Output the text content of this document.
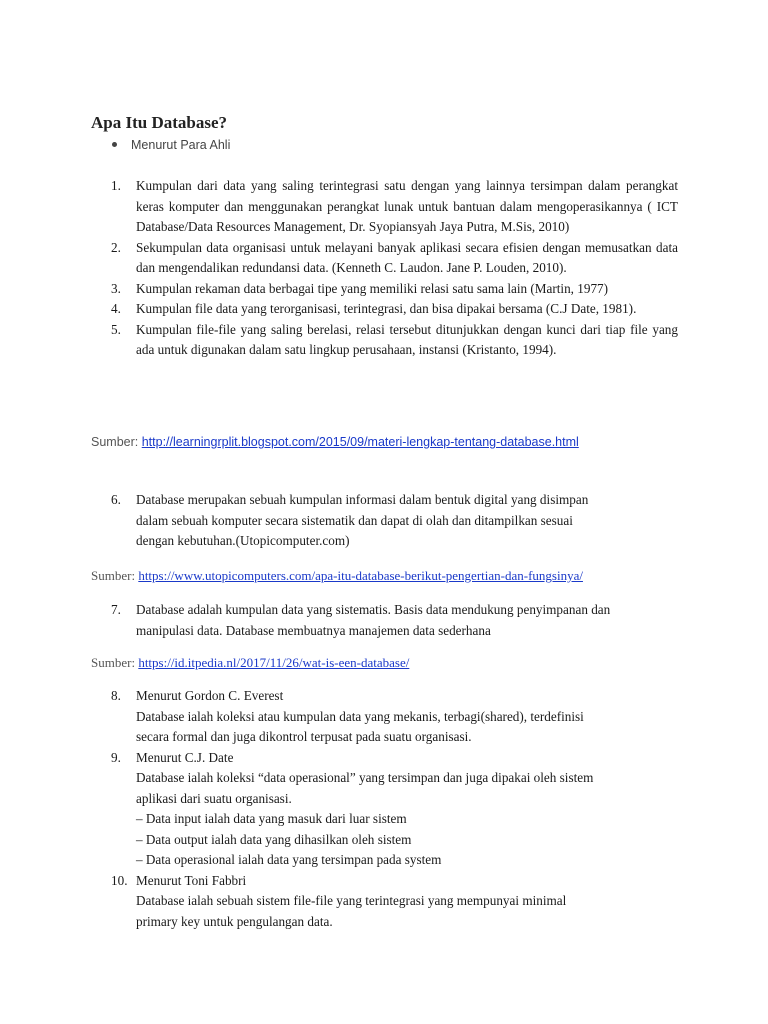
Apa Itu Database?

Menurut Para Ahli

1. Kumpulan dari data yang saling terintegrasi satu dengan yang lainnya tersimpan dalam perangkat keras komputer dan menggunakan perangkat lunak untuk bantuan dalam mengoperasikannya ( ICT Database/Data Resources Management, Dr. Syopiansyah Jaya Putra, M.Sis, 2010)
2. Sekumpulan data organisasi untuk melayani banyak aplikasi secara efisien dengan memusatkan data dan mengendalikan redundansi data. (Kenneth C. Laudon. Jane P. Louden, 2010).
3. Kumpulan rekaman data berbagai tipe yang memiliki relasi satu sama lain (Martin, 1977)
4. Kumpulan file data yang terorganisasi, terintegrasi, dan bisa dipakai bersama (C.J Date, 1981).
5. Kumpulan file-file yang saling berelasi, relasi tersebut ditunjukkan dengan kunci dari tiap file yang ada untuk digunakan dalam satu lingkup perusahaan, instansi (Kristanto, 1994).

Sumber: http://learningrplit.blogspot.com/2015/09/materi-lengkap-tentang-database.html

6. Database merupakan sebuah kumpulan informasi dalam bentuk digital yang disimpan
dalam sebuah komputer secara sistematik dan dapat di olah dan ditampilkan sesuai
dengan kebutuhan.(Utopicomputer.com)

Sumber: https://www.utopicomputers.com/apa-itu-database-berikut-pengertian-dan-fungsinya/

7. Database adalah kumpulan data yang sistematis. Basis data mendukung penyimpanan dan
manipulasi data. Database membuatnya manajemen data sederhana

Sumber: https://id.itpedia.nl/2017/11/26/wat-is-een-database/

8. Menurut Gordon C. Everest
Database ialah koleksi atau kumpulan data yang mekanis, terbagi(shared), terdefinisi
secara formal dan juga dikontrol terpusat pada suatu organisasi.
9. Menurut C.J. Date
Database ialah koleksi “data operasional” yang tersimpan dan juga dipakai oleh sistem
aplikasi dari suatu organisasi.
– Data input ialah data yang masuk dari luar sistem
– Data output ialah data yang dihasilkan oleh sistem
– Data operasional ialah data yang tersimpan pada system
10. Menurut Toni Fabbri
Database ialah sebuah sistem file-file yang terintegrasi yang mempunyai minimal
primary key untuk pengulangan data.
